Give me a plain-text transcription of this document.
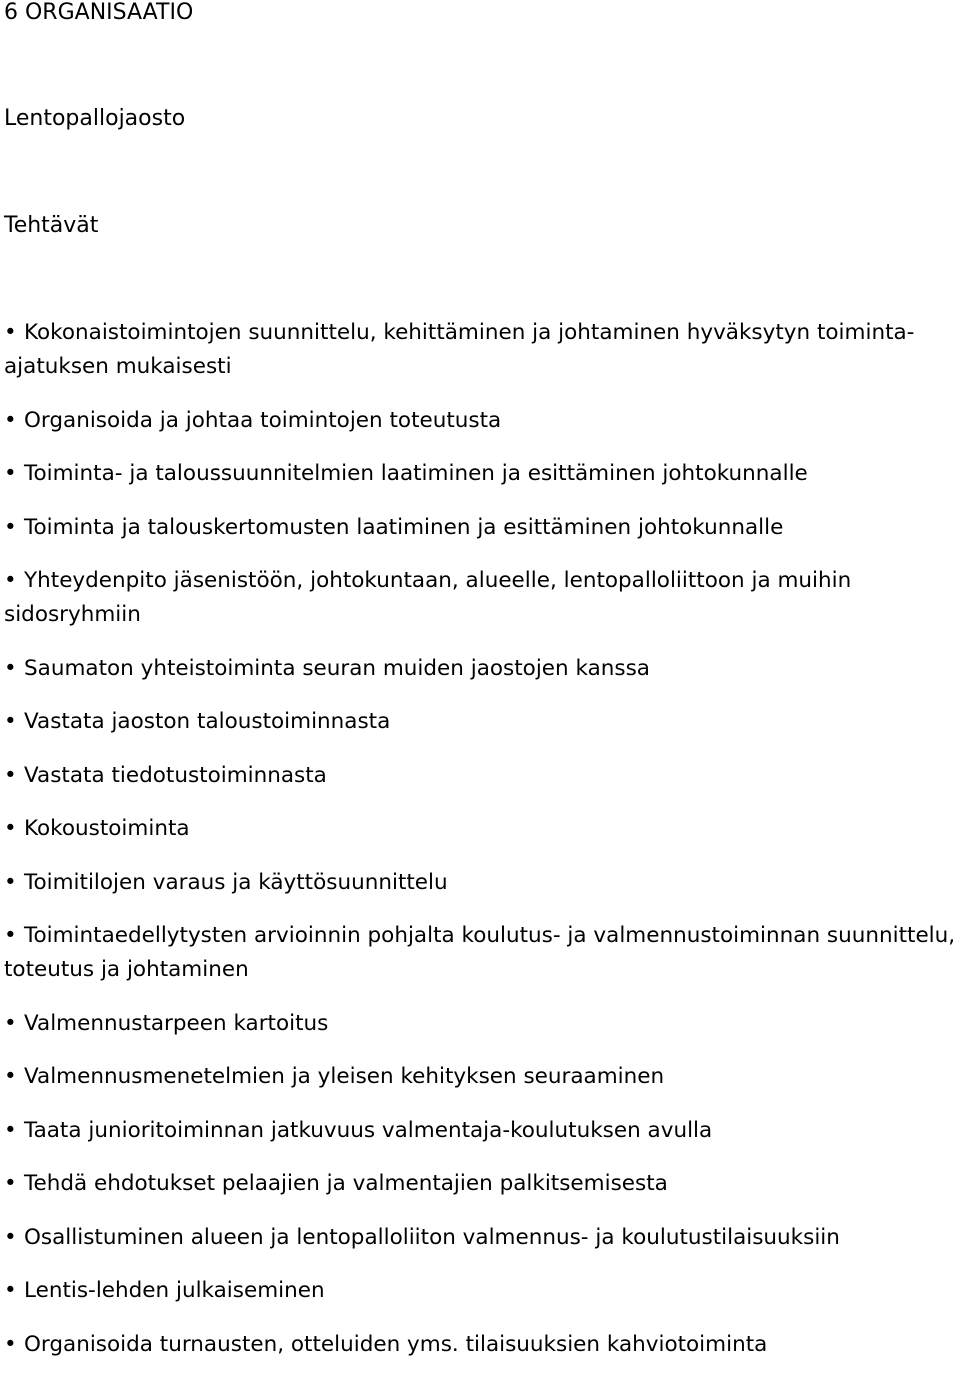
6 ORGANISAATIO
Lentopallojaosto
Tehtävät
• Kokonaistoimintojen suunnittelu, kehittäminen ja johtaminen hyväksytyn toiminta-ajatuksen mukaisesti
• Organisoida ja johtaa toimintojen toteutusta
• Toiminta- ja taloussuunnitelmien laatiminen ja esittäminen johtokunnalle
• Toiminta ja talouskertomusten laatiminen ja esittäminen johtokunnalle
• Yhteydenpito jäsenistöön, johtokuntaan, alueelle, lentopalloliittoon ja muihin sidosryhmiin
• Saumaton yhteistoiminta seuran muiden jaostojen kanssa
• Vastata jaoston taloustoiminnasta
• Vastata tiedotustoiminnasta
• Kokoustoiminta
• Toimitilojen varaus ja käyttösuunnittelu
• Toimintaedellytysten arvioinnin pohjalta koulutus- ja valmennustoiminnan suunnittelu, toteutus ja johtaminen
• Valmennustarpeen kartoitus
• Valmennusmenetelmien ja yleisen kehityksen seuraaminen
• Taata junioritoiminnan jatkuvuus valmentaja-koulutuksen avulla
• Tehdä ehdotukset pelaajien ja valmentajien palkitsemisesta
• Osallistuminen alueen ja lentopalloliiton valmennus- ja koulutustilaisuuksiin
• Lentis-lehden julkaiseminen
• Organisoida turnausten, otteluiden yms. tilaisuuksien kahviotoiminta
